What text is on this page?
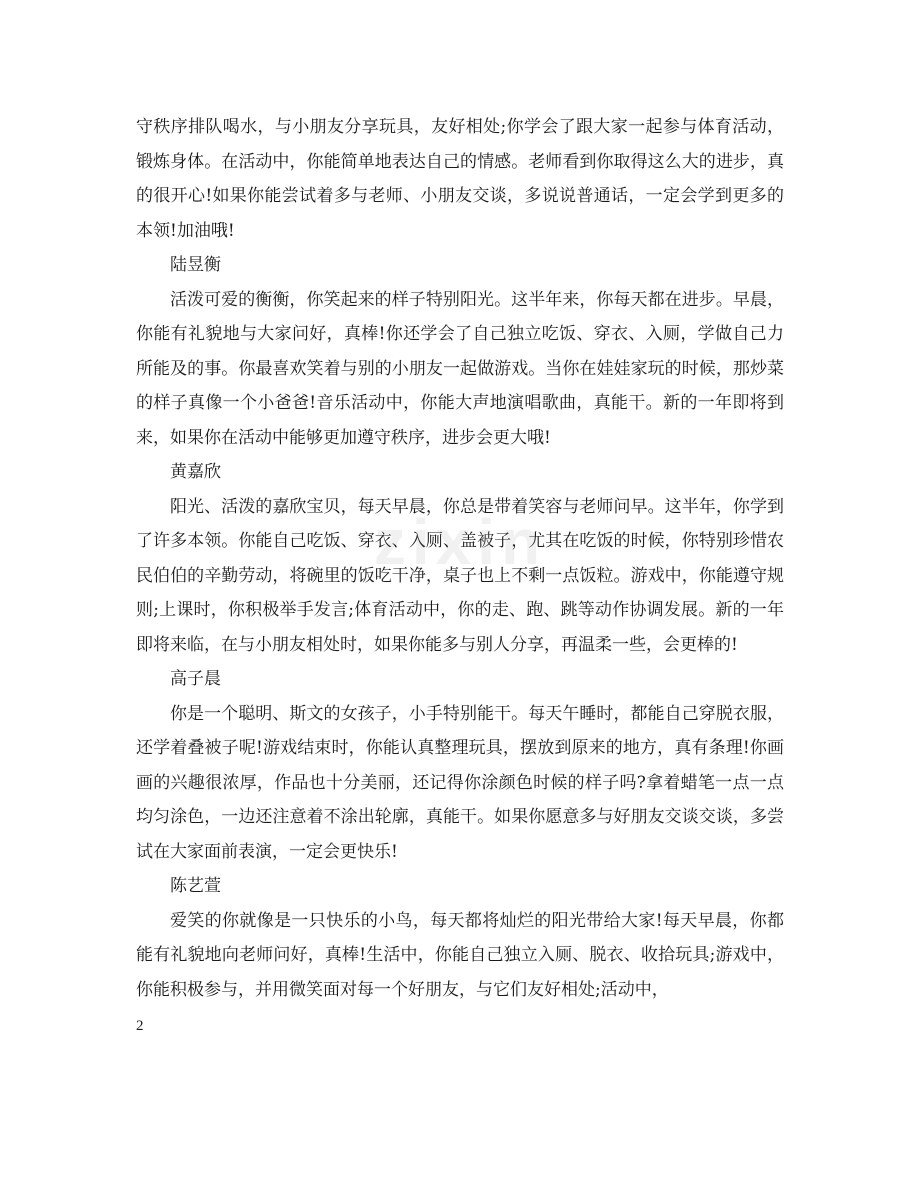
守秩序排队喝水，与小朋友分享玩具，友好相处;你学会了跟大家一起参与体育活动，锻炼身体。在活动中，你能简单地表达自己的情感。老师看到你取得这么大的进步，真的很开心!如果你能尝试着多与老师、小朋友交谈，多说说普通话，一定会学到更多的本领!加油哦!

陆昱衡

活泼可爱的衡衡，你笑起来的样子特别阳光。这半年来，你每天都在进步。早晨，你能有礼貌地与大家问好，真棒!你还学会了自己独立吃饭、穿衣、入厕，学做自己力所能及的事。你最喜欢笑着与别的小朋友一起做游戏。当你在娃娃家玩的时候，那炒菜的样子真像一个小爸爸!音乐活动中，你能大声地演唱歌曲，真能干。新的一年即将到来，如果你在活动中能够更加遵守秩序，进步会更大哦!

黄嘉欣

阳光、活泼的嘉欣宝贝，每天早晨，你总是带着笑容与老师问早。这半年，你学到了许多本领。你能自己吃饭、穿衣、入厕、盖被子，尤其在吃饭的时候，你特别珍惜农民伯伯的辛勤劳动，将碗里的饭吃干净，桌子也上不剩一点饭粒。游戏中，你能遵守规则;上课时，你积极举手发言;体育活动中，你的走、跑、跳等动作协调发展。新的一年即将来临，在与小朋友相处时，如果你能多与别人分享，再温柔一些，会更棒的!

高子晨

你是一个聪明、斯文的女孩子，小手特别能干。每天午睡时，都能自己穿脱衣服，还学着叠被子呢!游戏结束时，你能认真整理玩具，摆放到原来的地方，真有条理!你画画的兴趣很浓厚，作品也十分美丽，还记得你涂颜色时候的样子吗?拿着蜡笔一点一点均匀涂色，一边还注意着不涂出轮廓，真能干。如果你愿意多与好朋友交谈交谈，多尝试在大家面前表演，一定会更快乐!

陈艺萱

爱笑的你就像是一只快乐的小鸟，每天都将灿烂的阳光带给大家!每天早晨，你都能有礼貌地向老师问好，真棒!生活中，你能自己独立入厕、脱衣、收拾玩具;游戏中，你能积极参与，并用微笑面对每一个好朋友，与它们友好相处;活动中，

zixin
2
